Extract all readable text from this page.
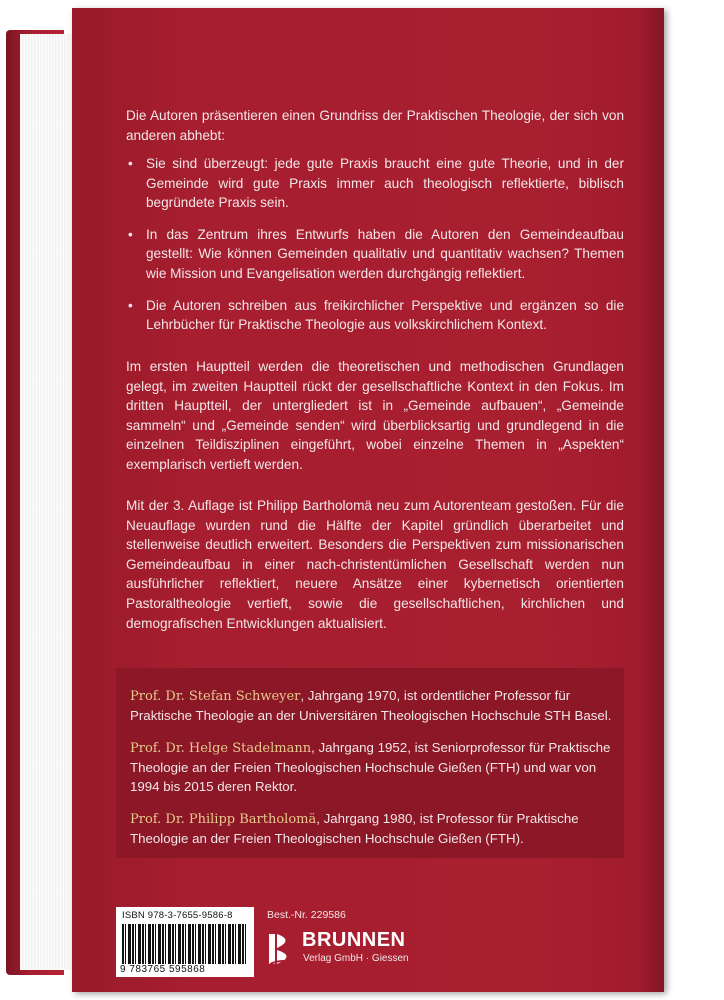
Die Autoren präsentieren einen Grundriss der Praktischen Theologie, der sich von anderen abhebt:
• Sie sind überzeugt: jede gute Praxis braucht eine gute Theorie, und in der Gemeinde wird gute Praxis immer auch theologisch reflektierte, biblisch begründete Praxis sein.
• In das Zentrum ihres Entwurfs haben die Autoren den Gemeindeaufbau gestellt: Wie können Gemeinden qualitativ und quantitativ wachsen? Themen wie Mission und Evangelisation werden durchgängig reflektiert.
• Die Autoren schreiben aus freikirchlicher Perspektive und ergänzen so die Lehrbücher für Praktische Theologie aus volkskirchlichem Kontext.
Im ersten Hauptteil werden die theoretischen und methodischen Grundlagen gelegt, im zweiten Hauptteil rückt der gesellschaftliche Kontext in den Fokus. Im dritten Hauptteil, der untergliedert ist in „Gemeinde aufbauen“, „Gemeinde sammeln“ und „Gemeinde senden“ wird überblicksartig und grundlegend in die einzelnen Teildisziplinen eingeführt, wobei einzelne Themen in „Aspekten“ exemplarisch vertieft werden.
Mit der 3. Auflage ist Philipp Bartholomä neu zum Autorenteam gestoßen. Für die Neuauflage wurden rund die Hälfte der Kapitel gründlich überarbeitet und stellenweise deutlich erweitert. Besonders die Perspektiven zum missionarischen Gemeindeaufbau in einer nach-christentümlichen Gesellschaft werden nun ausführlicher reflektiert, neuere Ansätze einer kybernetisch orientierten Pastoraltheologie vertieft, sowie die gesellschaftlichen, kirchlichen und demografischen Entwicklungen aktualisiert.
Prof. Dr. Stefan Schweyer, Jahrgang 1970, ist ordentlicher Professor für Praktische Theologie an der Universitären Theologischen Hochschule STH Basel.
Prof. Dr. Helge Stadelmann, Jahrgang 1952, ist Seniorprofessor für Praktische Theologie an der Freien Theologischen Hochschule Gießen (FTH) und war von 1994 bis 2015 deren Rektor.
Prof. Dr. Philipp Bartholomä, Jahrgang 1980, ist Professor für Praktische Theologie an der Freien Theologischen Hochschule Gießen (FTH).
ISBN 978-3-7655-9586-8
9 783765 595868
Best.-Nr. 229586
BRUNNEN
Verlag GmbH · Giessen	leseplatz.de
